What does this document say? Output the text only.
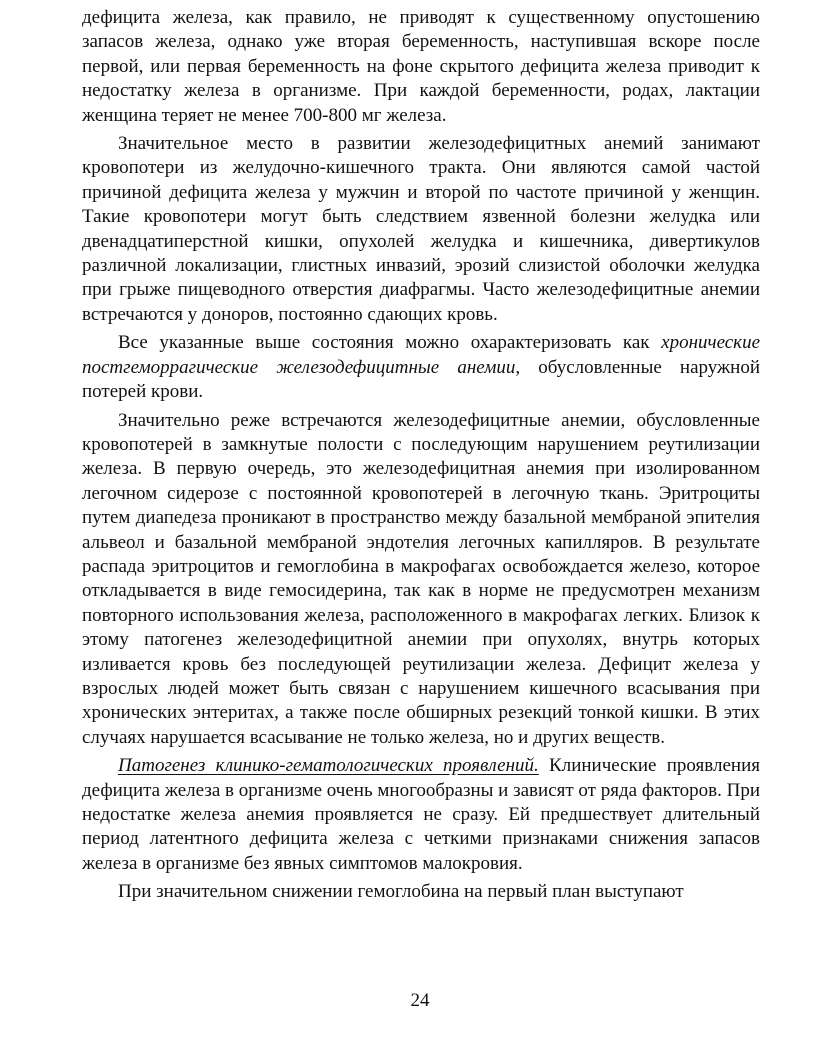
дефицита железа, как правило, не приводят к существенному опустошению запасов железа, однако уже вторая беременность, наступившая вскоре после первой, или первая беременность на фоне скрытого дефицита железа приводит к недостатку железа в организме. При каждой беременности, родах, лактации женщина теряет не менее 700-800 мг железа.

Значительное место в развитии железодефицитных анемий занимают кровопотери из желудочно-кишечного тракта. Они являются самой частой причиной дефицита железа у мужчин и второй по частоте причиной у женщин. Такие кровопотери могут быть следствием язвенной болезни желудка или двенадцатиперстной кишки, опухолей желудка и кишечника, дивертикулов различной локализации, глистных инвазий, эрозий слизистой оболочки желудка при грыже пищеводного отверстия диафрагмы. Часто железодефицитные анемии встречаются у доноров, постоянно сдающих кровь.

Все указанные выше состояния можно охарактеризовать как хронические постгеморрагические железодефицитные анемии, обусловленные наружной потерей крови.

Значительно реже встречаются железодефицитные анемии, обусловленные кровопотерей в замкнутые полости с последующим нарушением реутилизации железа. В первую очередь, это железодефицитная анемия при изолированном легочном сидерозе с постоянной кровопотерей в легочную ткань. Эритроциты путем диапедеза проникают в пространство между базальной мембраной эпителия альвеол и базальной мембраной эндотелия легочных капилляров. В результате распада эритроцитов и гемоглобина в макрофагах освобождается железо, которое откладывается в виде гемосидерина, так как в норме не предусмотрен механизм повторного использования железа, расположенного в макрофагах легких. Близок к этому патогенез железодефицитной анемии при опухолях, внутрь которых изливается кровь без последующей реутилизации железа. Дефицит железа у взрослых людей может быть связан с нарушением кишечного всасывания при хронических энтеритах, а также после обширных резекций тонкой кишки. В этих случаях нарушается всасывание не только железа, но и других веществ.

Патогенез клинико-гематологических проявлений. Клинические проявления дефицита железа в организме очень многообразны и зависят от ряда факторов. При недостатке железа анемия проявляется не сразу. Ей предшествует длительный период латентного дефицита железа с четкими признаками снижения запасов железа в организме без явных симптомов малокровия.

При значительном снижении гемоглобина на первый план выступают

24
